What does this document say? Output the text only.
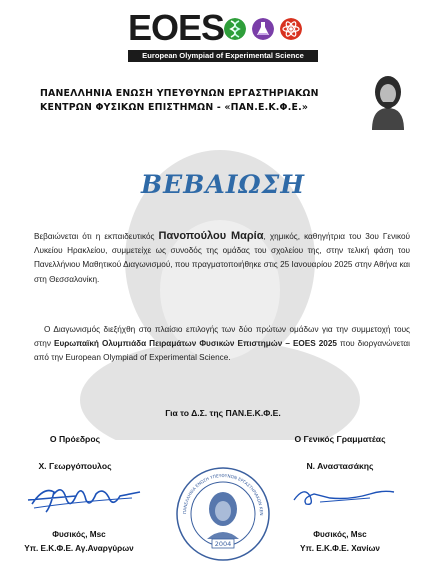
EOES
European Olympiad of Experimental Science
ΠΑΝΕΛΛΗΝΙΑ ΕΝΩΣΗ ΥΠΕΥΘΥΝΩΝ ΕΡΓΑΣΤΗΡΙΑΚΩΝ
ΚΕΝΤΡΩΝ ΦΥΣΙΚΩΝ ΕΠΙΣΤΗΜΩΝ - «ΠΑΝ.Ε.Κ.Φ.Ε.»
ΒΕΒΑΙΩΣΗ
Βεβαιώνεται ότι η εκπαιδευτικός Πανοπούλου Μαρία, χημικός, καθηγήτρια του 3ου Γενικού Λυκείου Ηρακλείου, συμμετείχε ως συνοδός της ομάδας του σχολείου της, στην τελική φάση του Πανελλήνιου Μαθητικού Διαγωνισμού, που πραγματοποιήθηκε στις 25 Ιανουαρίου 2025 στην Αθήνα και στη Θεσσαλονίκη.
Ο Διαγωνισμός διεξήχθη στο πλαίσιο επιλογής των δύο πρώτων ομάδων για την συμμετοχή τους στην Ευρωπαϊκή Ολυμπιάδα Πειραμάτων Φυσικών Επιστημών – EOES 2025 που διοργανώνεται από την European Olympiad of Experimental Science.
Για το Δ.Σ. της ΠΑΝ.Ε.Κ.Φ.Ε.
Ο Πρόεδρος	Ο Γενικός Γραμματέας
Χ. Γεωργόπουλος	Ν. Αναστασάκης
2004
ΠΑΝΕΛΛΗΝΙΑ ΕΝΩΣΗ ΥΠΕΥΘΥΝΩΝ ΕΡΓΑΣΤΗΡΙΑΚΩΝ ΚΕΝ
Φυσικός, Msc
Υπ. Ε.Κ.Φ.Ε. Αγ.Αναργύρων
Φυσικός, Msc
Υπ. Ε.Κ.Φ.Ε. Χανίων
